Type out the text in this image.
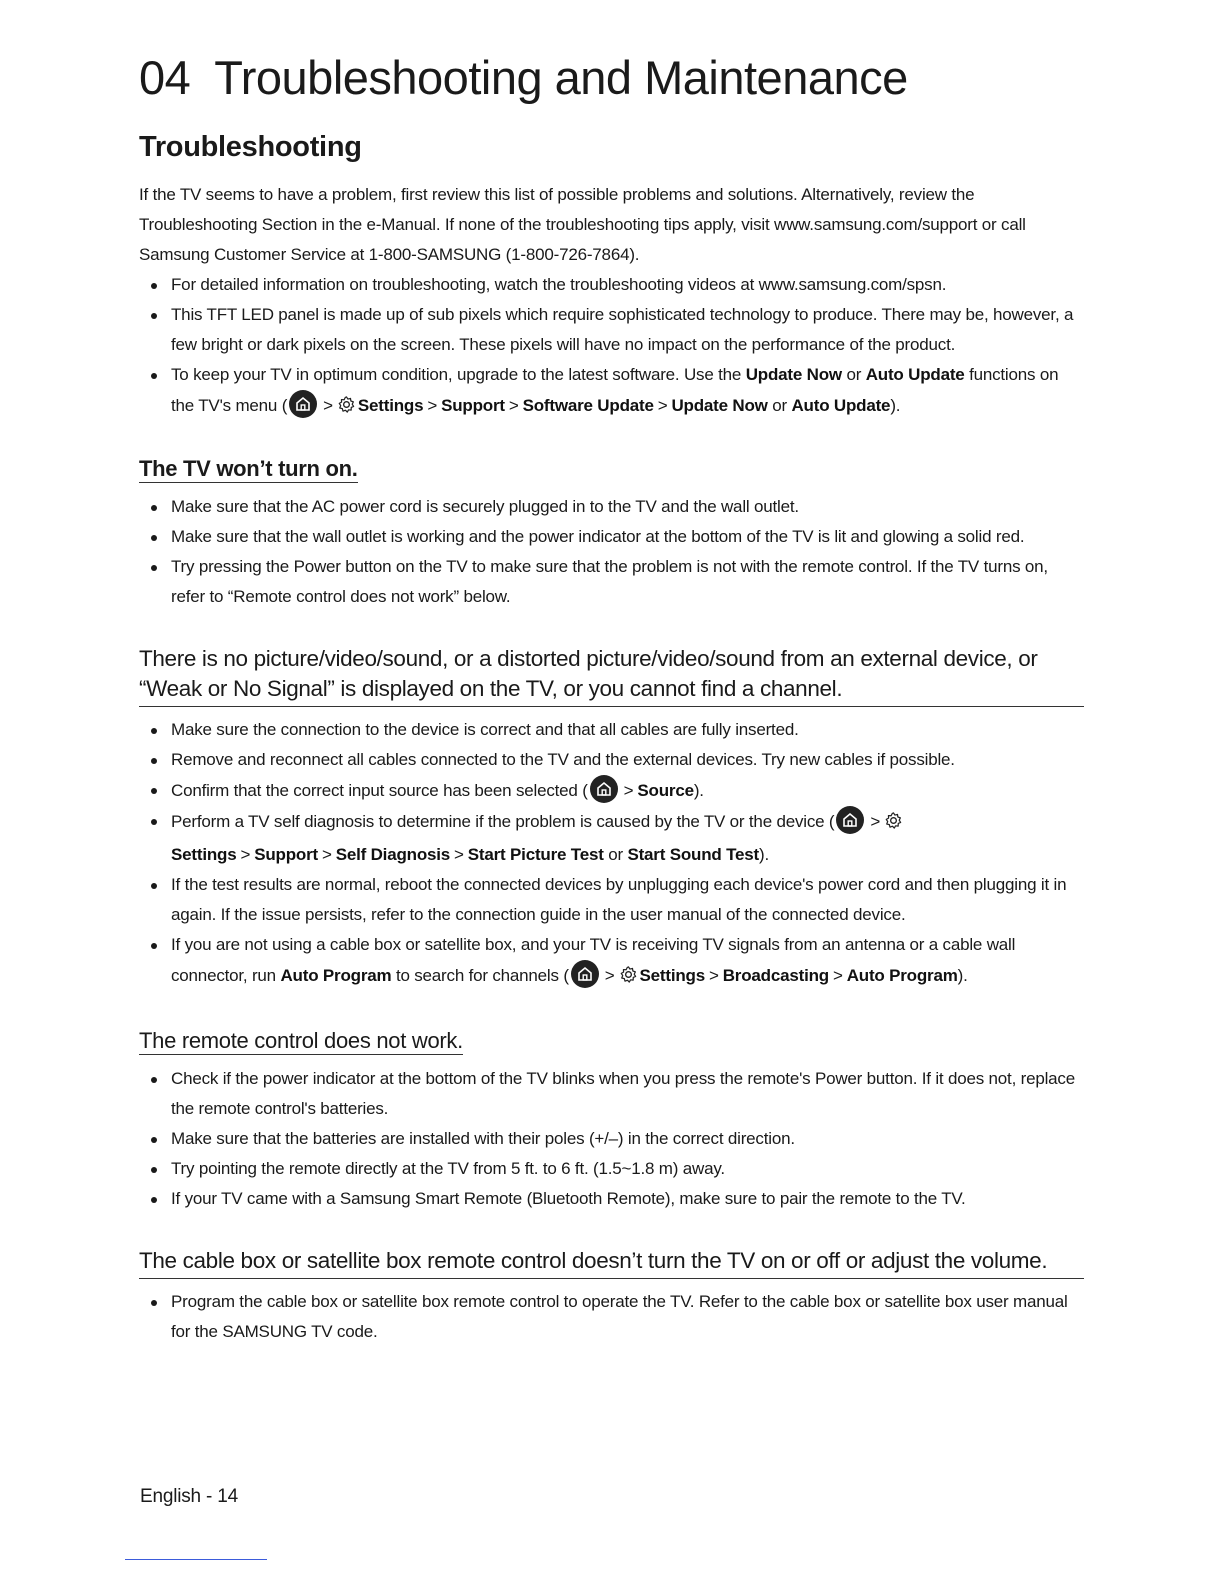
04 Troubleshooting and Maintenance
Troubleshooting

If the TV seems to have a problem, first review this list of possible problems and solutions. Alternatively, review the Troubleshooting Section in the e-Manual. If none of the troubleshooting tips apply, visit www.samsung.com/support or call Samsung Customer Service at 1-800-SAMSUNG (1-800-726-7864).

For detailed information on troubleshooting, watch the troubleshooting videos at www.samsung.com/spsn.
This TFT LED panel is made up of sub pixels which require sophisticated technology to produce. There may be, however, a few bright or dark pixels on the screen. These pixels will have no impact on the performance of the product.
To keep your TV in optimum condition, upgrade to the latest software. Use the Update Now or Auto Update functions on the TV's menu ( > Settings > Support > Software Update > Update Now or Auto Update).
The TV won’t turn on.
Make sure that the AC power cord is securely plugged in to the TV and the wall outlet.
Make sure that the wall outlet is working and the power indicator at the bottom of the TV is lit and glowing a solid red.
Try pressing the Power button on the TV to make sure that the problem is not with the remote control. If the TV turns on, refer to “Remote control does not work” below.
There is no picture/video/sound, or a distorted picture/video/sound from an external device, or “Weak or No Signal” is displayed on the TV, or you cannot find a channel.
Make sure the connection to the device is correct and that all cables are fully inserted.
Remove and reconnect all cables connected to the TV and the external devices. Try new cables if possible.
Confirm that the correct input source has been selected ( > Source).
Perform a TV self diagnosis to determine if the problem is caused by the TV or the device ( >Settings > Support > Self Diagnosis > Start Picture Test or Start Sound Test).
If the test results are normal, reboot the connected devices by unplugging each device's power cord and then plugging it in again. If the issue persists, refer to the connection guide in the user manual of the connected device.
If you are not using a cable box or satellite box, and your TV is receiving TV signals from an antenna or a cable wall connector, run Auto Program to search for channels ( > Settings > Broadcasting > Auto Program).
The remote control does not work.
Check if the power indicator at the bottom of the TV blinks when you press the remote's Power button. If it does not, replace the remote control's batteries.
Make sure that the batteries are installed with their poles (+/–) in the correct direction.
Try pointing the remote directly at the TV from 5 ft. to 6 ft. (1.5~1.8 m) away.
If your TV came with a Samsung Smart Remote (Bluetooth Remote), make sure to pair the remote to the TV.
The cable box or satellite box remote control doesn’t turn the TV on or off or adjust the volume.
Program the cable box or satellite box remote control to operate the TV. Refer to the cable box or satellite box user manual for the SAMSUNG TV code.
English - 14
